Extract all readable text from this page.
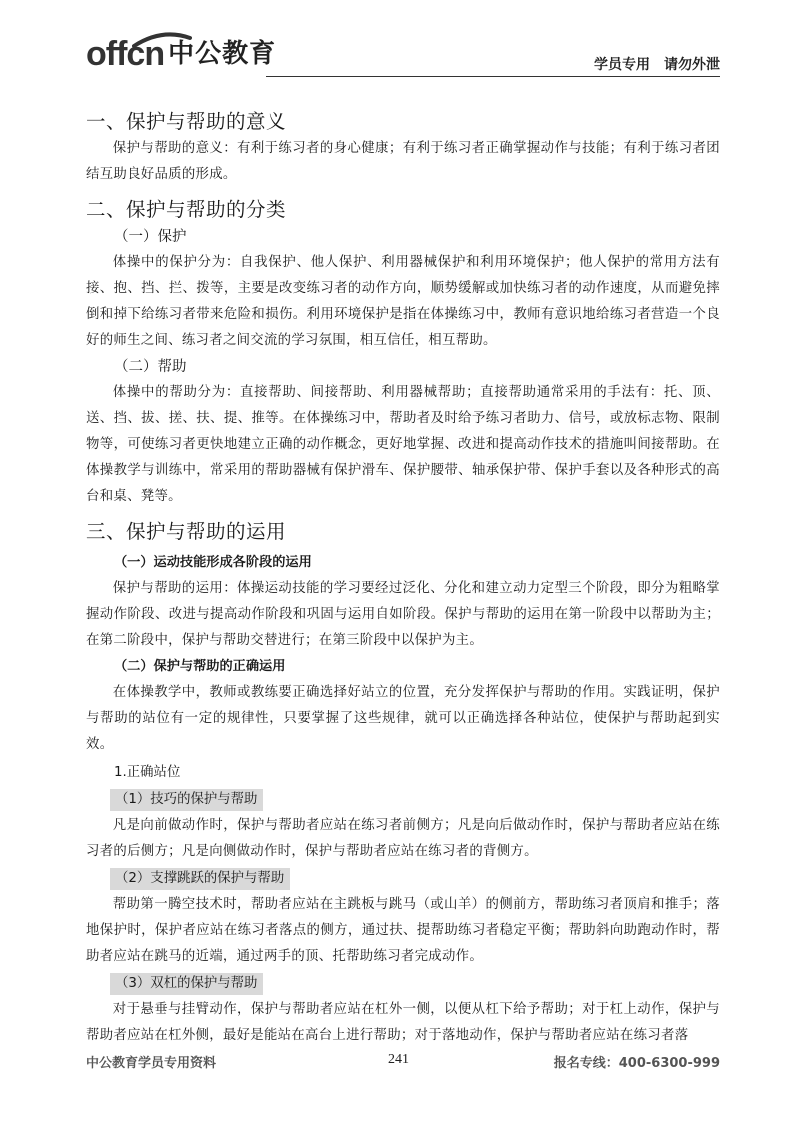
offcn 中公教育	学员专用　请勿外泄
一、保护与帮助的意义

保护与帮助的意义：有利于练习者的身心健康；有利于练习者正确掌握动作与技能；有利于练习者团结互助良好品质的形成。

二、保护与帮助的分类
（一）保护

体操中的保护分为：自我保护、他人保护、利用器械保护和利用环境保护；他人保护的常用方法有接、抱、挡、拦、拨等，主要是改变练习者的动作方向，顺势缓解或加快练习者的动作速度，从而避免摔倒和掉下给练习者带来危险和损伤。利用环境保护是指在体操练习中，教师有意识地给练习者营造一个良好的师生之间、练习者之间交流的学习氛围，相互信任，相互帮助。

（二）帮助

体操中的帮助分为：直接帮助、间接帮助、利用器械帮助；直接帮助通常采用的手法有：托、顶、送、挡、拔、搓、扶、提、推等。在体操练习中，帮助者及时给予练习者助力、信号，或放标志物、限制物等，可使练习者更快地建立正确的动作概念，更好地掌握、改进和提高动作技术的措施叫间接帮助。在体操教学与训练中，常采用的帮助器械有保护滑车、保护腰带、轴承保护带、保护手套以及各种形式的高台和桌、凳等。

三、保护与帮助的运用
（一）运动技能形成各阶段的运用

保护与帮助的运用：体操运动技能的学习要经过泛化、分化和建立动力定型三个阶段，即分为粗略掌握动作阶段、改进与提高动作阶段和巩固与运用自如阶段。保护与帮助的运用在第一阶段中以帮助为主；在第二阶段中，保护与帮助交替进行；在第三阶段中以保护为主。

（二）保护与帮助的正确运用

在体操教学中，教师或教练要正确选择好站立的位置，充分发挥保护与帮助的作用。实践证明，保护与帮助的站位有一定的规律性，只要掌握了这些规律，就可以正确选择各种站位，使保护与帮助起到实效。

1.正确站位
（1）技巧的保护与帮助

凡是向前做动作时，保护与帮助者应站在练习者前侧方；凡是向后做动作时，保护与帮助者应站在练习者的后侧方；凡是向侧做动作时，保护与帮助者应站在练习者的背侧方。

（2）支撑跳跃的保护与帮助

帮助第一腾空技术时，帮助者应站在主跳板与跳马（或山羊）的侧前方，帮助练习者顶肩和推手；落地保护时，保护者应站在练习者落点的侧方，通过扶、提帮助练习者稳定平衡；帮助斜向助跑动作时，帮助者应站在跳马的近端，通过两手的顶、托帮助练习者完成动作。

（3）双杠的保护与帮助

对于悬垂与挂臂动作，保护与帮助者应站在杠外一侧，以便从杠下给予帮助；对于杠上动作，保护与帮助者应站在杠外侧，最好是能站在高台上进行帮助；对于落地动作，保护与帮助者应站在练习者落

中公教育学员专用资料	241	报名专线：400-6300-999
